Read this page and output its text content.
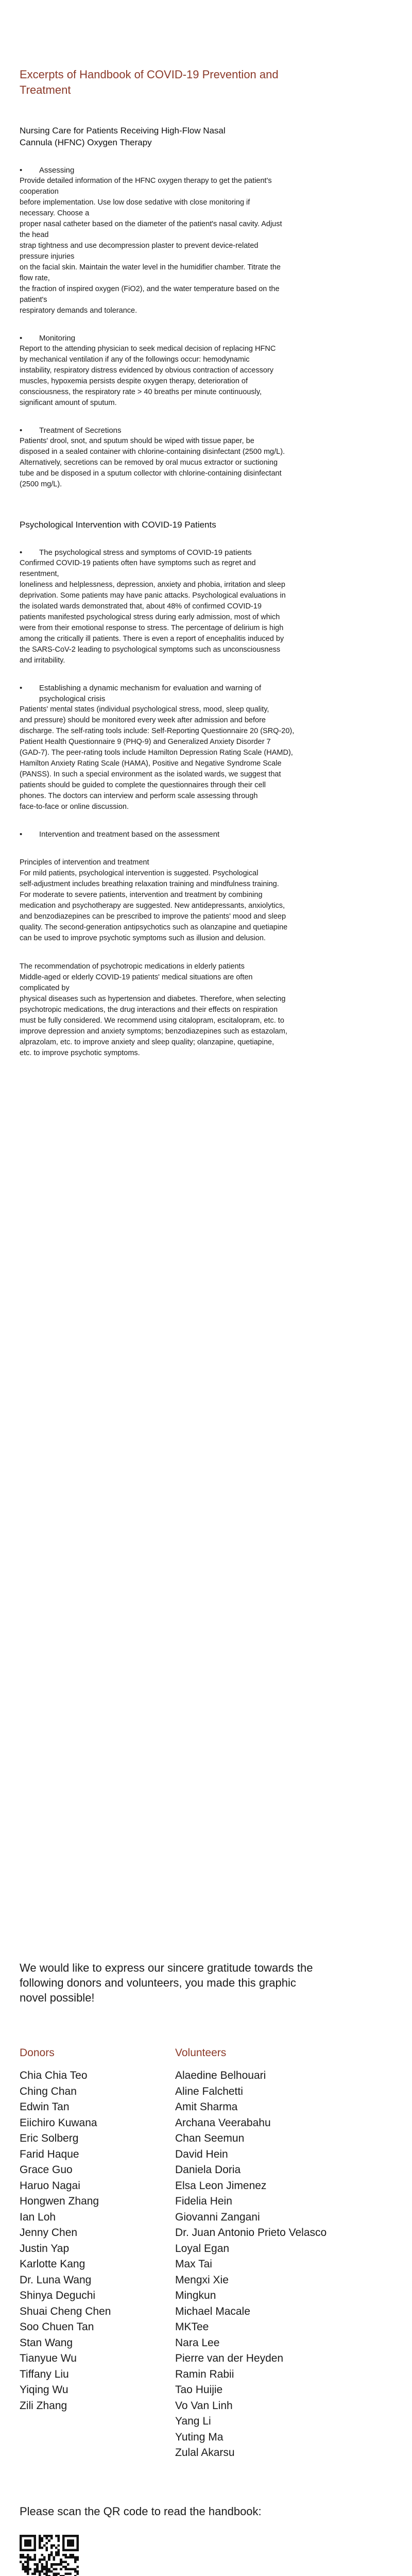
Excerpts of Handbook of COVID-19 Prevention and
Treatment
Nursing Care for Patients Receiving High-Flow Nasal
Cannula (HFNC) Oxygen Therapy

• Assessing

Provide detailed information of the HFNC oxygen therapy to get the patient's

cooperation

before implementation. Use low dose sedative with close monitoring if

necessary. Choose a

proper nasal catheter based on the diameter of the patient's nasal cavity. Adjust

the head

strap tightness and use decompression plaster to prevent device-related

pressure injuries

on the facial skin. Maintain the water level in the humidifier chamber. Titrate the

flow rate,

the fraction of inspired oxygen (FiO2), and the water temperature based on the

patient's

respiratory demands and tolerance.

• Monitoring

Report to the attending physician to seek medical decision of replacing HFNC

by mechanical ventilation if any of the followings occur: hemodynamic

instability, respiratory distress evidenced by obvious contraction of accessory

muscles, hypoxemia persists despite oxygen therapy, deterioration of

consciousness, the respiratory rate > 40 breaths per minute continuously,

significant amount of sputum.

• Treatment of Secretions

Patients' drool, snot, and sputum should be wiped with tissue paper, be

disposed in a sealed container with chlorine-containing disinfectant (2500 mg/L).

Alternatively, secretions can be removed by oral mucus extractor or suctioning

tube and be disposed in a sputum collector with chlorine-containing disinfectant

(2500 mg/L).

Psychological Intervention with COVID-19 Patients

• The psychological stress and symptoms of COVID-19 patients

Confirmed COVID-19 patients often have symptoms such as regret and

resentment,

loneliness and helplessness, depression, anxiety and phobia, irritation and sleep

deprivation. Some patients may have panic attacks. Psychological evaluations in

the isolated wards demonstrated that, about 48% of confirmed COVID-19

patients manifested psychological stress during early admission, most of which

were from their emotional response to stress. The percentage of delirium is high

among the critically ill patients. There is even a report of encephalitis induced by

the SARS-CoV-2 leading to psychological symptoms such as unconsciousness

and irritability.

• Establishing a dynamic mechanism for evaluation and warning of

psychological crisis

Patients' mental states (individual psychological stress, mood, sleep quality,

and pressure) should be monitored every week after admission and before

discharge. The self-rating tools include: Self-Reporting Questionnaire 20 (SRQ-20),

Patient Health Questionnaire 9 (PHQ-9) and Generalized Anxiety Disorder 7

(GAD-7). The peer-rating tools include Hamilton Depression Rating Scale (HAMD),

Hamilton Anxiety Rating Scale (HAMA), Positive and Negative Syndrome Scale

(PANSS). In such a special environment as the isolated wards, we suggest that

patients should be guided to complete the questionnaires through their cell

phones. The doctors can interview and perform scale assessing through

face-to-face or online discussion.

• Intervention and treatment based on the assessment

Principles of intervention and treatment

For mild patients, psychological intervention is suggested. Psychological

self-adjustment includes breathing relaxation training and mindfulness training.

For moderate to severe patients, intervention and treatment by combining

medication and psychotherapy are suggested. New antidepressants, anxiolytics,

and benzodiazepines can be prescribed to improve the patients' mood and sleep

quality. The second-generation antipsychotics such as olanzapine and quetiapine

can be used to improve psychotic symptoms such as illusion and delusion.

The recommendation of psychotropic medications in elderly patients

Middle-aged or elderly COVID-19 patients' medical situations are often

complicated by

physical diseases such as hypertension and diabetes. Therefore, when selecting

psychotropic medications, the drug interactions and their effects on respiration

must be fully considered. We recommend using citalopram, escitalopram, etc. to

improve depression and anxiety symptoms; benzodiazepines such as estazolam,

alprazolam, etc. to improve anxiety and sleep quality; olanzapine, quetiapine,

etc. to improve psychotic symptoms.

We would like to express our sincere gratitude towards the

following donors and volunteers, you made this graphic

novel possible!

Donors

Chia Chia Teo

Ching Chan

Edwin Tan

Eiichiro Kuwana

Eric Solberg

Farid Haque

Grace Guo

Haruo Nagai

Hongwen Zhang

Ian Loh

Jenny Chen

Justin Yap

Karlotte Kang

Dr. Luna Wang

Shinya Deguchi

Shuai Cheng Chen

Soo Chuen Tan

Stan Wang

Tianyue Wu

Tiffany Liu

Yiqing Wu

Zili Zhang

Volunteers

Alaedine Belhouari

Aline Falchetti

Amit Sharma

Archana Veerabahu

Chan Seemun

David Hein

Daniela Doria

Elsa Leon Jimenez

Fidelia Hein

Giovanni Zangani

Dr. Juan Antonio Prieto Velasco

Loyal Egan

Max Tai

Mengxi Xie

Mingkun

Michael Macale

MKTee

Nara Lee

Pierre van der Heyden

Ramin Rabii

Tao Huijie

Vo Van Linh

Yang Li

Yuting Ma

Zulal Akarsu

Please scan the QR code to read the handbook:
